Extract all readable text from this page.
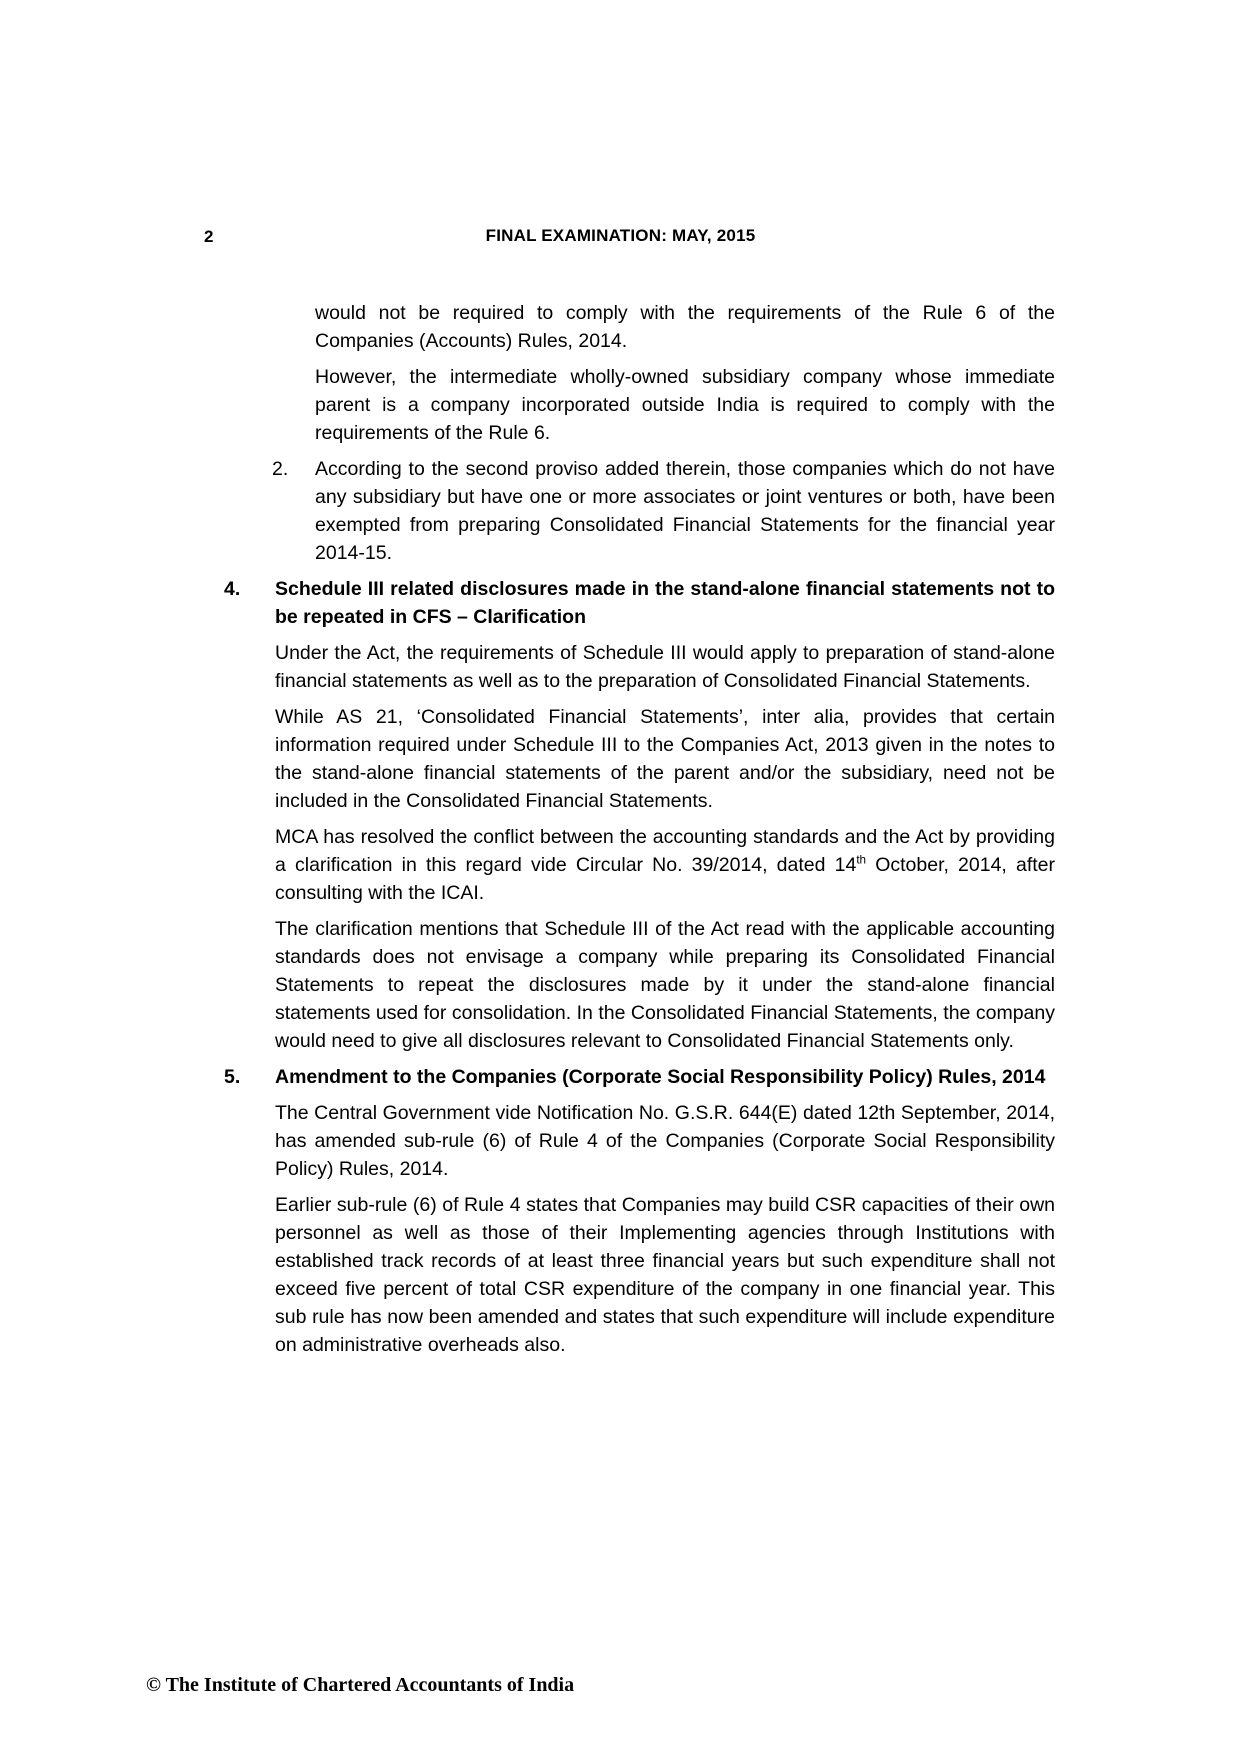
2	FINAL EXAMINATION: MAY, 2015
would not be required to comply with the requirements of the Rule 6 of the Companies (Accounts) Rules, 2014.
However, the intermediate wholly-owned subsidiary company whose immediate parent is a company incorporated outside India is required to comply with the requirements of the Rule 6.
2. According to the second proviso added therein, those companies which do not have any subsidiary but have one or more associates or joint ventures or both, have been exempted from preparing Consolidated Financial Statements for the financial year 2014-15.
4. Schedule III related disclosures made in the stand-alone financial statements not to be repeated in CFS – Clarification
Under the Act, the requirements of Schedule III would apply to preparation of stand-alone financial statements as well as to the preparation of Consolidated Financial Statements.
While AS 21, ‘Consolidated Financial Statements’, inter alia, provides that certain information required under Schedule III to the Companies Act, 2013 given in the notes to the stand-alone financial statements of the parent and/or the subsidiary, need not be included in the Consolidated Financial Statements.
MCA has resolved the conflict between the accounting standards and the Act by providing a clarification in this regard vide Circular No. 39/2014, dated 14th October, 2014, after consulting with the ICAI.
The clarification mentions that Schedule III of the Act read with the applicable accounting standards does not envisage a company while preparing its Consolidated Financial Statements to repeat the disclosures made by it under the stand-alone financial statements used for consolidation. In the Consolidated Financial Statements, the company would need to give all disclosures relevant to Consolidated Financial Statements only.
5. Amendment to the Companies (Corporate Social Responsibility Policy) Rules, 2014
The Central Government vide Notification No. G.S.R. 644(E) dated 12th September, 2014, has amended sub-rule (6) of Rule 4 of the Companies (Corporate Social Responsibility Policy) Rules, 2014.
Earlier sub-rule (6) of Rule 4 states that Companies may build CSR capacities of their own personnel as well as those of their Implementing agencies through Institutions with established track records of at least three financial years but such expenditure shall not exceed five percent of total CSR expenditure of the company in one financial year. This sub rule has now been amended and states that such expenditure will include expenditure on administrative overheads also.
© The Institute of Chartered Accountants of India
